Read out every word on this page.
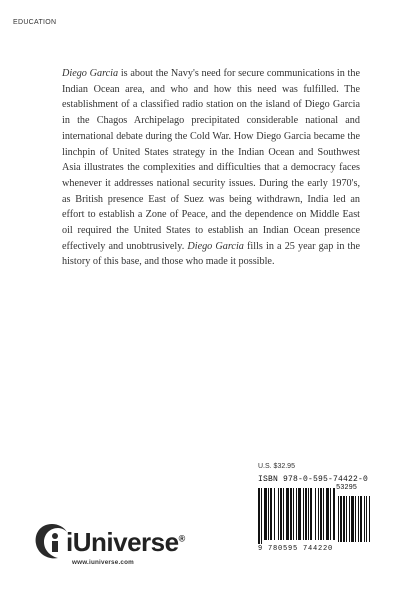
EDUCATION

Diego Garcia is about the Navy's need for secure communications in the Indian Ocean area, and who and how this need was fulfilled. The establishment of a classified radio station on the island of Diego Garcia in the Chagos Archipelago precipitated considerable national and international debate during the Cold War. How Diego Garcia became the linchpin of United States strategy in the Indian Ocean and Southwest Asia illustrates the complexities and difficulties that a democracy faces whenever it addresses national security issues. During the early 1970's, as British presence East of Suez was being withdrawn, India led an effort to establish a Zone of Peace, and the dependence on Middle East oil required the United States to establish an Indian Ocean presence effectively and unobtrusively. Diego Garcia fills in a 25 year gap in the history of this base, and those who made it possible.

U.S. $32.95
ISBN 978-0-595-74422-0
53295
9 780595 744220
iUniverse®
www.iuniverse.com
